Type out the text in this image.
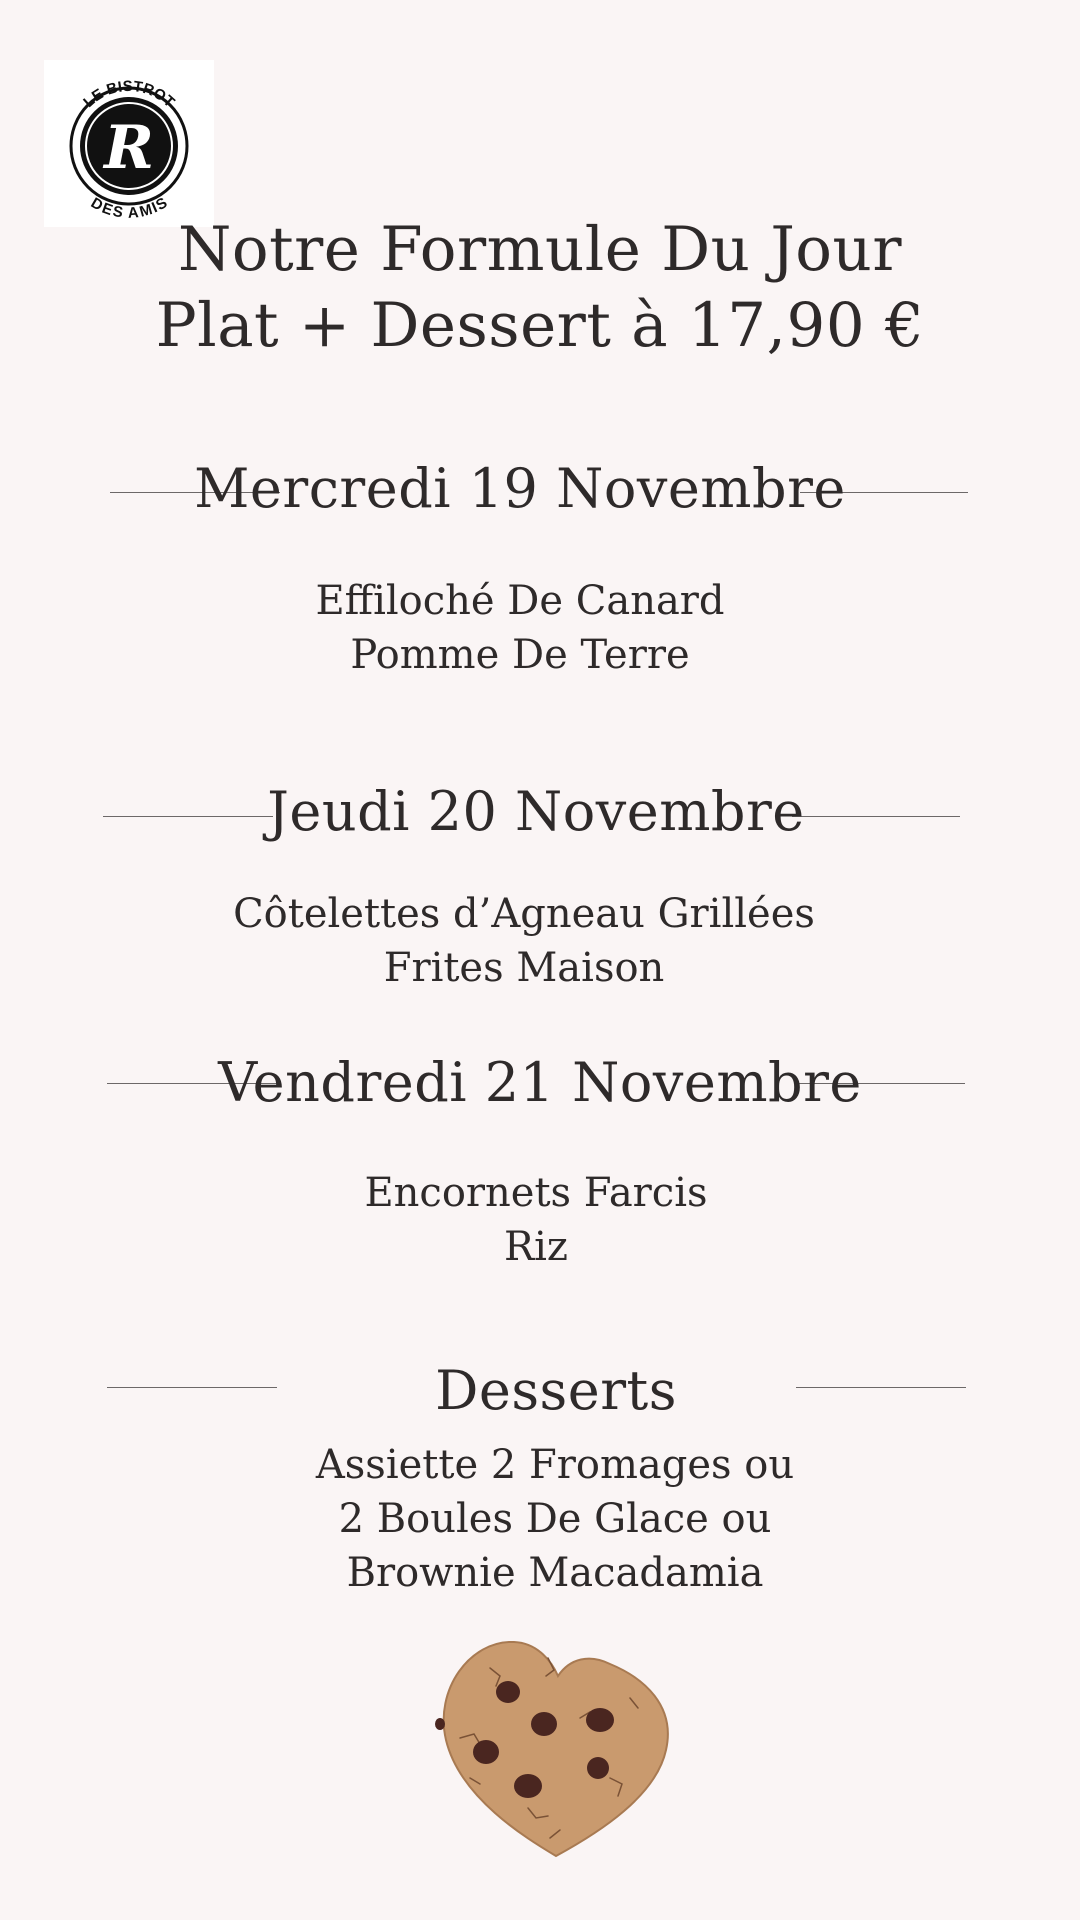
LE BISTROT
R
DES AMIS
Notre Formule Du Jour
Plat + Dessert à 17,90 €
Mercredi 19 Novembre
Effiloché De Canard
Pomme De Terre
Jeudi 20 Novembre
Côtelettes d’Agneau Grillées
Frites Maison
Vendredi 21 Novembre
Encornets Farcis
Riz
Desserts
Assiette 2 Fromages ou
2 Boules De Glace ou
Brownie Macadamia
